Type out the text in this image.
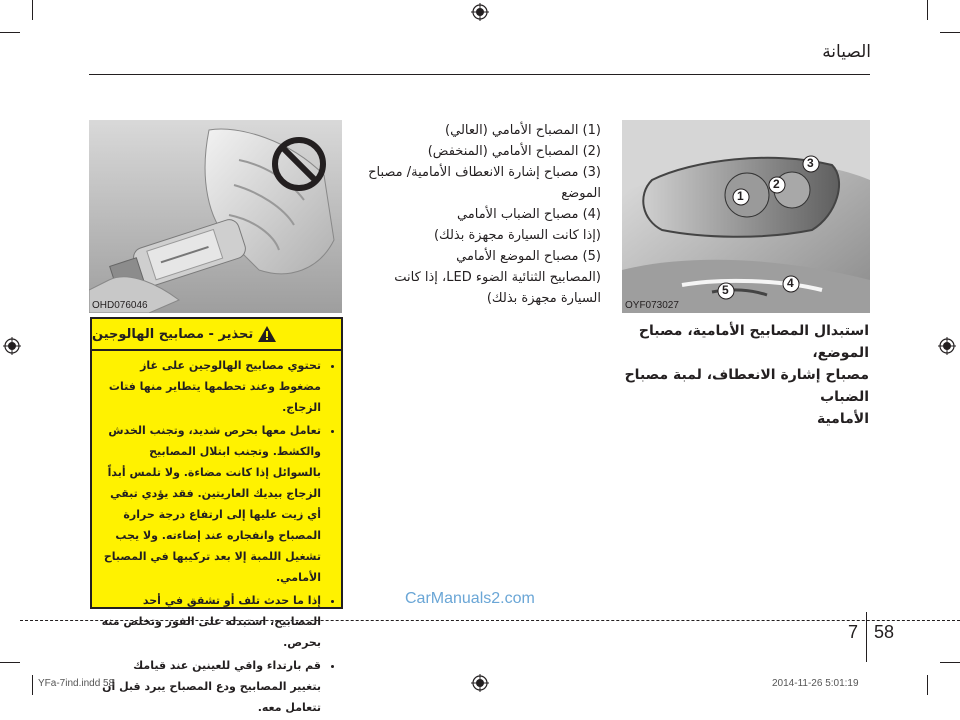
الصيانة
OHD076046
3
2
1
5	4
OYF073027
(1) المصباح الأمامي (العالي)
(2) المصباح الأمامي (المنخفض)
(3) مصباح إشارة الانعطاف الأمامية/ مصباح
الموضع
(4) مصباح الضباب الأمامي
(إذا كانت السيارة مجهزة بذلك)
(5) مصباح الموضع الأمامي
(المصابيح الثنائية الضوء LED، إذا كانت
السيارة مجهزة بذلك)
استبدال المصابيح الأمامية، مصباح الموضع،
مصباح إشارة الانعطاف، لمبة مصباح الضباب
الأمامية
تحذير - مصابيح الهالوجين
• تحتوي مصابيح الهالوجين على غاز مضغوط وعند تحطمها يتطاير منها فتات الزجاج.
• تعامل معها بحرص شديد، وتجنب الخدش والكشط. وتجنب ابتلال المصابيح بالسوائل إذا كانت مضاءة. ولا تلمس أبداً الزجاج بيديك العاريتين. فقد يؤدي تبقي أي زيت عليها إلى ارتفاع درجة حرارة المصباح وانفجاره عند إضاءته. ولا يجب تشغيل اللمبة إلا بعد تركيبها في المصباح الأمامي.
• إذا ما حدث تلف أو تشقق في أحد المصابيح، استبدله على الفور وتخلص منه بحرص.
• قم بارتداء واقي للعينين عند قيامك بتغيير المصابيح ودع المصباح يبرد قبل أن تتعامل معه.
CarManuals2.com
58
7
YFa-7ind.indd 58	2014-11-26 5:01:19
